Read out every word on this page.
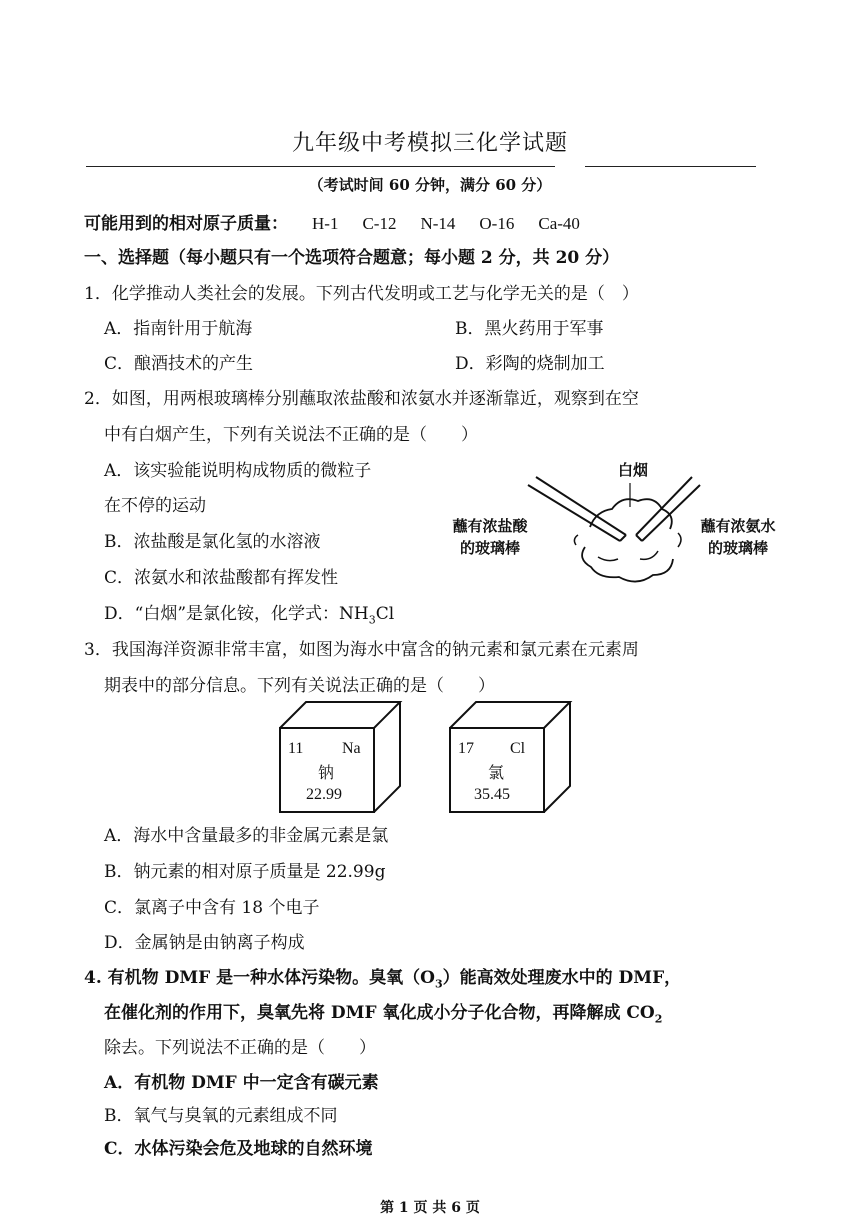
九年级中考模拟三化学试题
（考试时间 60 分钟，满分 60 分）
可能用到的相对原子质量： H-1 C-12 N-14 O-16 Ca-40
一、选择题（每小题只有一个选项符合题意；每小题 2 分，共 20 分）
1．化学推动人类社会的发展。下列古代发明或工艺与化学无关的是（　）
A．指南针用于航海	B．黑火药用于军事
C．酿酒技术的产生	D．彩陶的烧制加工
2．如图，用两根玻璃棒分别蘸取浓盐酸和浓氨水并逐渐靠近，观察到在空
中有白烟产生，下列有关说法不正确的是（　　）
A．该实验能说明构成物质的微粒子
在不停的运动
B．浓盐酸是氯化氢的水溶液
C．浓氨水和浓盐酸都有挥发性
D．“白烟”是氯化铵，化学式：$NH_3Cl$
白烟
蘸有浓盐酸
的玻璃棒
蘸有浓氨水
的玻璃棒
3．我国海洋资源非常丰富，如图为海水中富含的钠元素和氯元素在元素周
期表中的部分信息。下列有关说法正确的是（　　）
11 Na
钠
22.99
17 Cl
氯
35.45
A．海水中含量最多的非金属元素是氯
B．钠元素的相对原子质量是 22.99g
C．氯离子中含有 18 个电子
D．金属钠是由钠离子构成
4. 有机物 DMF 是一种水体污染物。臭氧$(O_3)$能高效处理废水中的 DMF，
在催化剂的作用下，臭氧先将 DMF 氧化成小分子化合物，再降解成 $CO_2$
除去。下列说法不正确的是（　　）
A．有机物 DMF 中一定含有碳元素
B．氧气与臭氧的元素组成不同
C．水体污染会危及地球的自然环境
第 1 页 共 6 页
